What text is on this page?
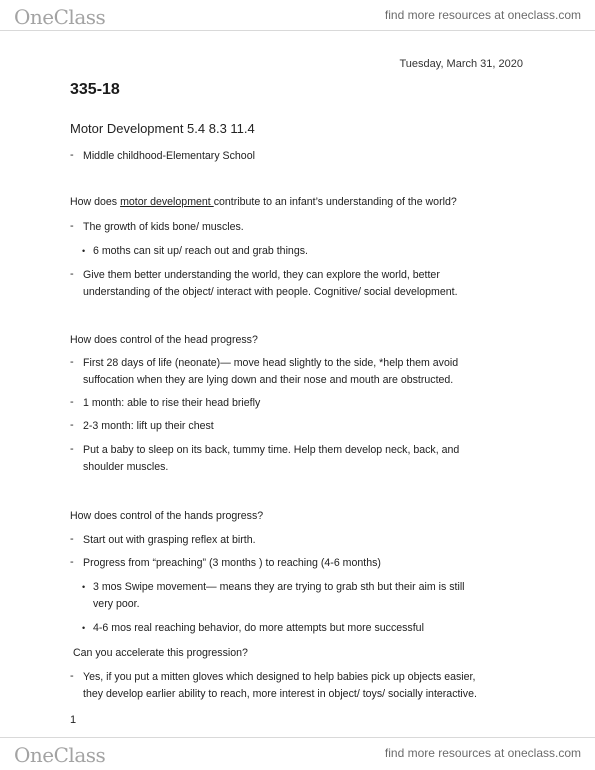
OneClass	find more resources at oneclass.com
Tuesday, March 31, 2020
335-18
Motor Development 5.4 8.3 11.4
- Middle childhood-Elementary School
How does motor development contribute to an infant’s understanding of the world?
- The growth of kids bone/ muscles.
• 6 moths can sit up/ reach out and grab things.
- Give them better understanding the world, they can explore the world, better
understanding of the object/ interact with people. Cognitive/ social development.
How does control of the head progress?
- First 28 days of life (neonate)— move head slightly to the side, *help them avoid
suffocation when they are lying down and their nose and mouth are obstructed.
- 1 month: able to rise their head briefly
- 2-3 month: lift up their chest
- Put a baby to sleep on its back, tummy time. Help them develop neck, back, and
shoulder muscles.
How does control of the hands progress?
- Start out with grasping reflex at birth.
- Progress from “preaching” (3 months ) to reaching (4-6 months)
• 3 mos Swipe movement— means they are trying to grab sth but their aim is still
very poor.
• 4-6 mos real reaching behavior, do more attempts but more successful
Can you accelerate this progression?
- Yes, if you put a mitten gloves which designed to help babies pick up objects easier,
they develop earlier ability to reach, more interest in object/ toys/ socially interactive.
1
OneClass	find more resources at oneclass.com
